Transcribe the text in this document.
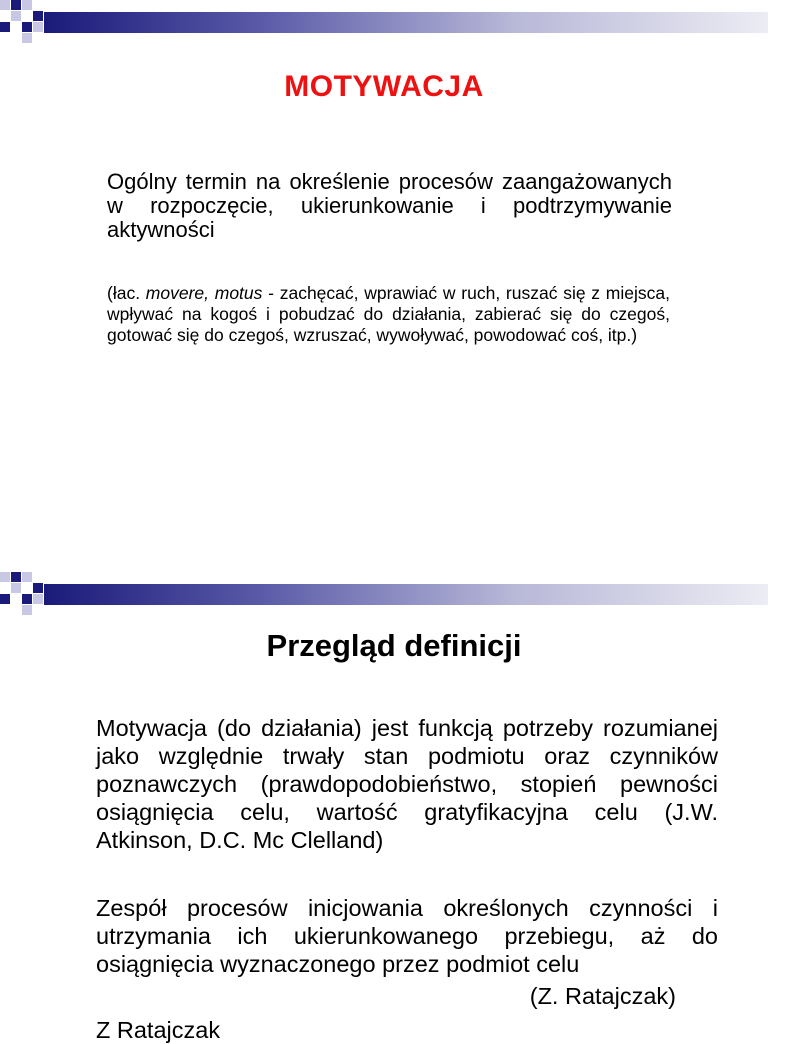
MOTYWACJA

Ogólny termin na określenie procesów zaangażowanych w rozpoczęcie, ukierunkowanie i podtrzymywanie aktywności

(łac. movere, motus - zachęcać, wprawiać w ruch, ruszać się z miejsca, wpływać na kogoś i pobudzać do działania, zabierać się do czegoś, gotować się do czegoś, wzruszać, wywoływać, powodować coś, itp.)

Przegląd definicji

Motywacja (do działania) jest funkcją potrzeby rozumianej jako względnie trwały stan podmiotu oraz czynników poznawczych (prawdopodobieństwo, stopień pewności osiągnięcia celu, wartość gratyfikacyjna celu (J.W. Atkinson, D.C. Mc Clelland)

Zespół procesów inicjowania określonych czynności i utrzymania ich ukierunkowanego przebiegu, aż do osiągnięcia wyznaczonego przez podmiot celu

(Z. Ratajczak)

Z Ratajczak
